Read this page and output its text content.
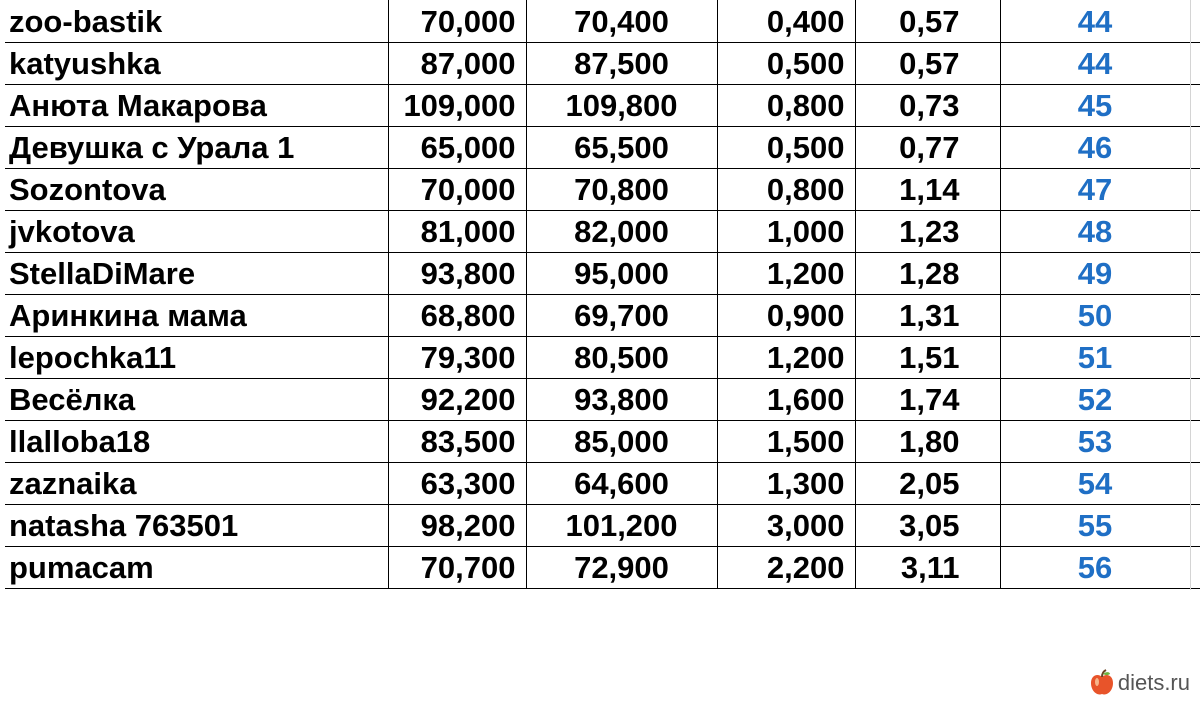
zoo-bastik	70,000	70,400	0,400	0,57	44	
katyushka	87,000	87,500	0,500	0,57	44	
Анюта Макарова	109,000	109,800	0,800	0,73	45	
Девушка с Урала 1	65,000	65,500	0,500	0,77	46	
Sozontova	70,000	70,800	0,800	1,14	47	
jvkotova	81,000	82,000	1,000	1,23	48	
StellaDiMare	93,800	95,000	1,200	1,28	49	
Аринкина мама	68,800	69,700	0,900	1,31	50	
lepochka11	79,300	80,500	1,200	1,51	51	
Весёлка	92,200	93,800	1,600	1,74	52	
llalloba18	83,500	85,000	1,500	1,80	53	
zaznaika	63,300	64,600	1,300	2,05	54	
natasha 763501	98,200	101,200	3,000	3,05	55	
pumacam	70,700	72,900	2,200	3,11	56	
diets.ru
